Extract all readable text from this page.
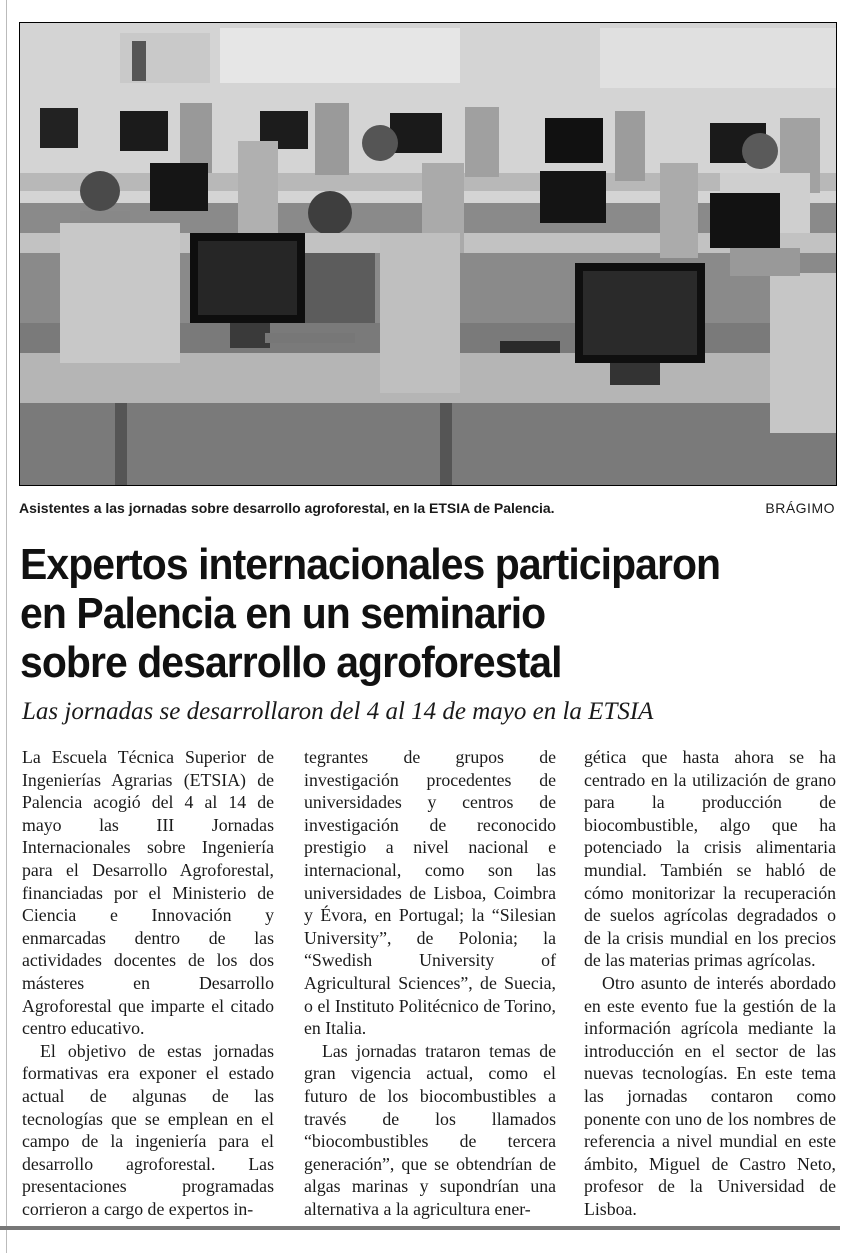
Asistentes a las jornadas sobre desarrollo agroforestal, en la ETSIA de Palencia.	BRÁGIMO
Expertos internacionales participaron
en Palencia en un seminario
sobre desarrollo agroforestal
Las jornadas se desarrollaron del 4 al 14 de mayo en la ETSIA

La Escuela Técnica Superior de Ingenierías Agrarias (ETSIA) de Palencia acogió del 4 al 14 de mayo las III Jornadas Internacionales sobre Ingeniería para el Desarrollo Agroforestal, financiadas por el Ministerio de Ciencia e Innovación y enmarcadas dentro de las actividades docentes de los dos másteres en Desarrollo Agroforestal que imparte el citado centro educativo.

El objetivo de estas jornadas formativas era exponer el estado actual de algunas de las tecnologías que se emplean en el campo de la ingeniería para el desarrollo agroforestal. Las presentaciones programadas corrieron a cargo de expertos in-

tegrantes de grupos de investigación procedentes de universidades y centros de investigación de reconocido prestigio a nivel nacional e internacional, como son las universidades de Lisboa, Coimbra y Évora, en Portugal; la “Silesian University”, de Polonia; la “Swedish University of Agricultural Sciences”, de Suecia, o el Instituto Politécnico de Torino, en Italia.

Las jornadas trataron temas de gran vigencia actual, como el futuro de los biocombustibles a través de los llamados “biocombustibles de tercera generación”, que se obtendrían de algas marinas y supondrían una alternativa a la agricultura ener-

gética que hasta ahora se ha centrado en la utilización de grano para la producción de biocombustible, algo que ha potenciado la crisis alimentaria mundial. También se habló de cómo monitorizar la recuperación de suelos agrícolas degradados o de la crisis mundial en los precios de las materias primas agrícolas.

Otro asunto de interés abordado en este evento fue la gestión de la información agrícola mediante la introducción en el sector de las nuevas tecnologías. En este tema las jornadas contaron como ponente con uno de los nombres de referencia a nivel mundial en este ámbito, Miguel de Castro Neto, profesor de la Universidad de Lisboa.
